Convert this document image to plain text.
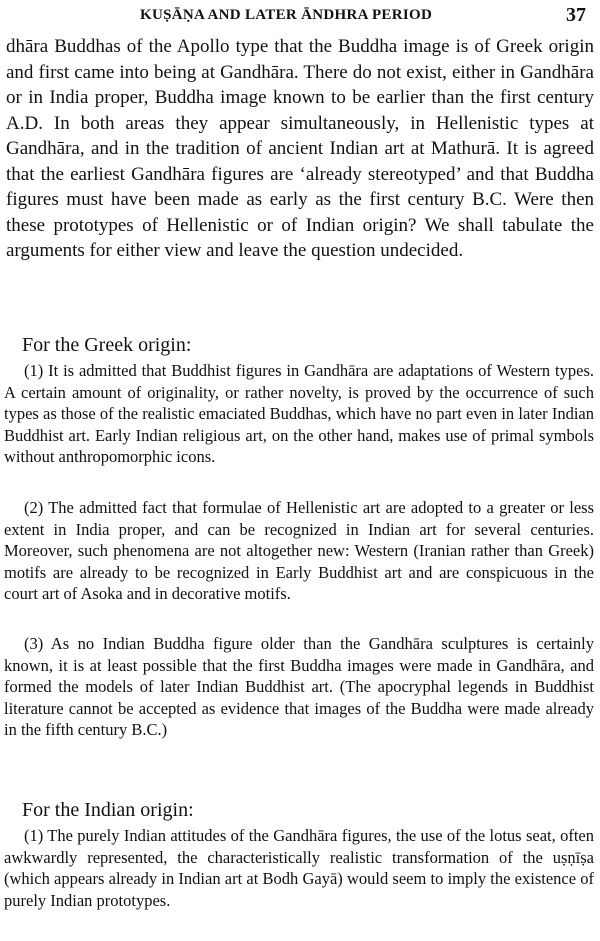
KUṢĀṆA AND LATER ĀNDHRA PERIOD	37

dhāra Buddhas of the Apollo type that the Buddha image is of Greek origin and first came into being at Gandhāra. There do not exist, either in Gandhāra or in India proper, Buddha image known to be earlier than the first century A.D. In both areas they appear simultaneously, in Hellenistic types at Gandhāra, and in the tradition of ancient Indian art at Mathurā. It is agreed that the earliest Gandhāra figures are ‘already stereotyped’ and that Buddha figures must have been made as early as the first century B.C. Were then these prototypes of Hellenistic or of Indian origin? We shall tabulate the arguments for either view and leave the question undecided.

For the Greek origin:

(1) It is admitted that Buddhist figures in Gandhāra are adaptations of Western types. A certain amount of originality, or rather novelty, is proved by the occurrence of such types as those of the realistic emaciated Buddhas, which have no part even in later Indian Buddhist art. Early Indian religious art, on the other hand, makes use of primal symbols without anthropomorphic icons.

(2) The admitted fact that formulae of Hellenistic art are adopted to a greater or less extent in India proper, and can be recognized in Indian art for several centuries. Moreover, such phenomena are not altogether new: Western (Iranian rather than Greek) motifs are already to be recognized in Early Buddhist art and are conspicuous in the court art of Asoka and in decorative motifs.

(3) As no Indian Buddha figure older than the Gandhāra sculptures is certainly known, it is at least possible that the first Buddha images were made in Gandhāra, and formed the models of later Indian Buddhist art. (The apocryphal legends in Buddhist literature cannot be accepted as evidence that images of the Buddha were made already in the fifth century B.C.)

For the Indian origin:

(1) The purely Indian attitudes of the Gandhāra figures, the use of the lotus seat, often awkwardly represented, the characteristically realistic transformation of the uṣṇīṣa (which appears already in Indian art at Bodh Gayā) would seem to imply the existence of purely Indian prototypes.
